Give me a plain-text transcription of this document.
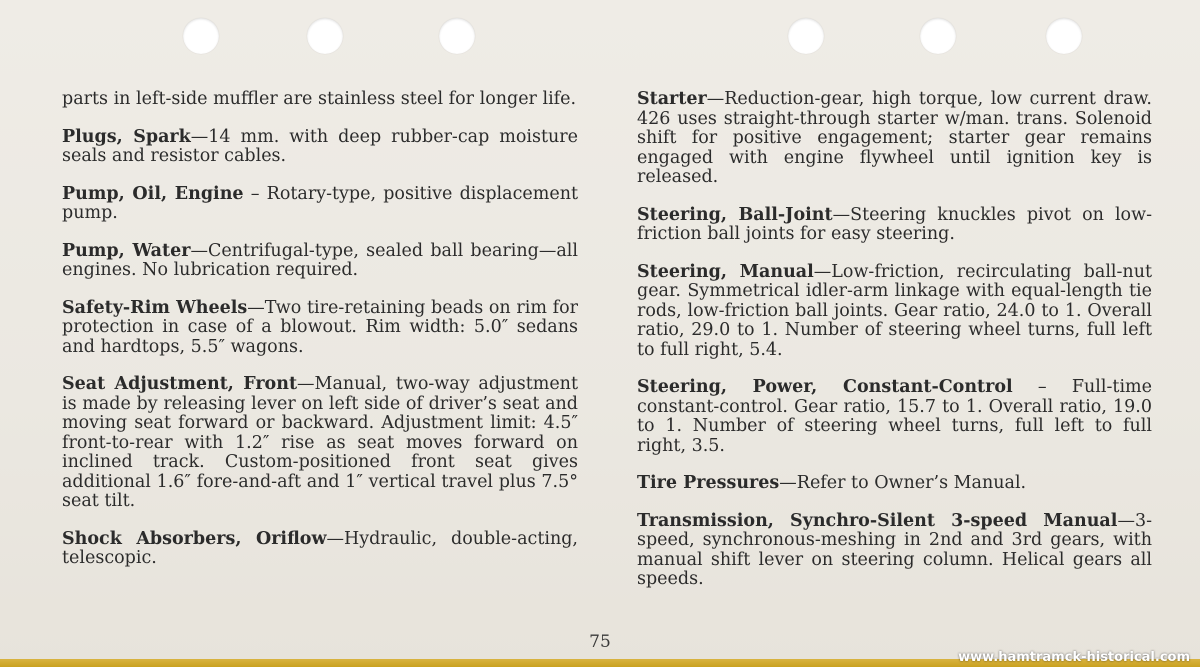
parts in left-side muffler are stainless steel for longer life.

Plugs, Spark—14 mm. with deep rubber-cap moisture seals and resistor cables.

Pump, Oil, Engine – Rotary-type, positive displacement pump.

Pump, Water—Centrifugal-type, sealed ball bearing—all engines. No lubrication required.

Safety-Rim Wheels—Two tire-retaining beads on rim for protection in case of a blowout. Rim width: 5.0″ sedans and hardtops, 5.5″ wagons.

Seat Adjustment, Front—Manual, two-way adjustment is made by releasing lever on left side of driver’s seat and moving seat forward or backward. Adjustment limit: 4.5″ front-to-rear with 1.2″ rise as seat moves forward on inclined track. Custom-positioned front seat gives additional 1.6″ fore-and-aft and 1″ vertical travel plus 7.5° seat tilt.

Shock Absorbers, Oriflow—Hydraulic, double-acting, telescopic.

Starter—Reduction-gear, high torque, low current draw. 426 uses straight-through starter w/man. trans. Solenoid shift for positive engagement; starter gear remains engaged with engine flywheel until ignition key is released.

Steering, Ball-Joint—Steering knuckles pivot on low-friction ball joints for easy steering.

Steering, Manual—Low-friction, recirculating ball-nut gear. Symmetrical idler-arm linkage with equal-length tie rods, low-friction ball joints. Gear ratio, 24.0 to 1. Overall ratio, 29.0 to 1. Number of steering wheel turns, full left to full right, 5.4.

Steering, Power, Constant-Control – Full-time constant-control. Gear ratio, 15.7 to 1. Overall ratio, 19.0 to 1. Number of steering wheel turns, full left to full right, 3.5.

Tire Pressures—Refer to Owner’s Manual.

Transmission, Synchro-Silent 3-speed Manual—3-speed, synchronous-meshing in 2nd and 3rd gears, with manual shift lever on steering column. Helical gears all speeds.

75
www.hamtramck-historical.com
